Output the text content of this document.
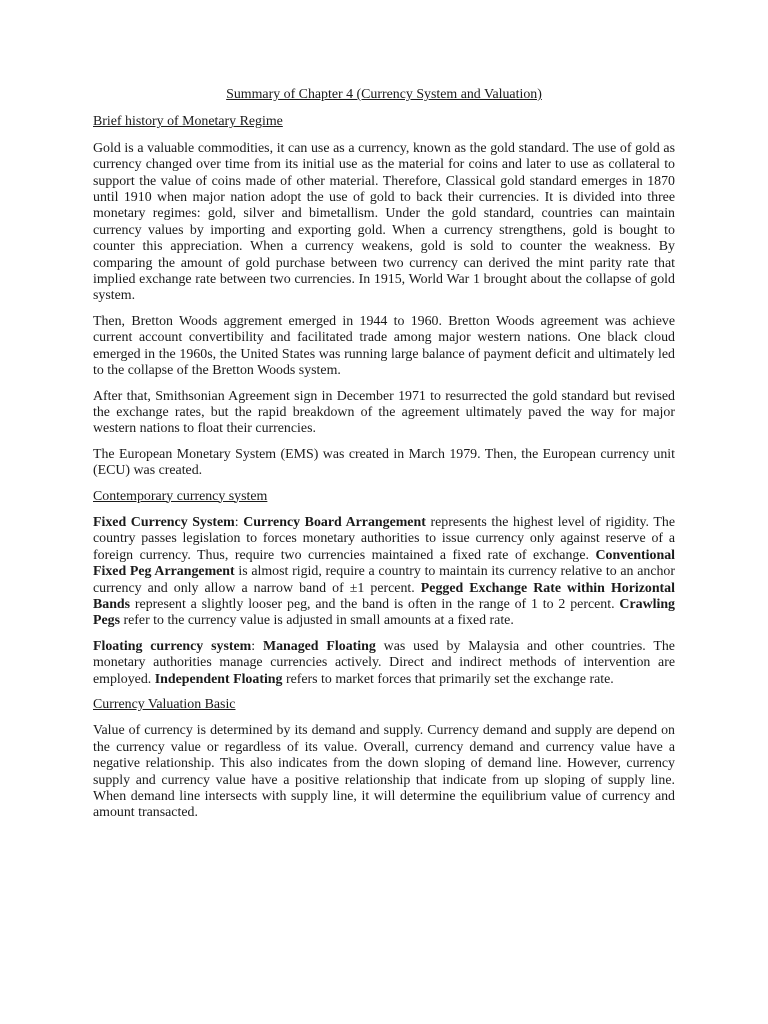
Summary of Chapter 4 (Currency System and Valuation)

Brief history of Monetary Regime

Gold is a valuable commodities, it can use as a currency, known as the gold standard. The use of gold as currency changed over time from its initial use as the material for coins and later to use as collateral to support the value of coins made of other material. Therefore, Classical gold standard emerges in 1870 until 1910 when major nation adopt the use of gold to back their currencies. It is divided into three monetary regimes: gold, silver and bimetallism. Under the gold standard, countries can maintain currency values by importing and exporting gold. When a currency strengthens, gold is bought to counter this appreciation. When a currency weakens, gold is sold to counter the weakness. By comparing the amount of gold purchase between two currency can derived the mint parity rate that implied exchange rate between two currencies. In 1915, World War 1 brought about the collapse of gold system.

Then, Bretton Woods aggrement emerged in 1944 to 1960. Bretton Woods agreement was achieve current account convertibility and facilitated trade among major western nations. One black cloud emerged in the 1960s, the United States was running large balance of payment deficit and ultimately led to the collapse of the Bretton Woods system.

After that, Smithsonian Agreement sign in December 1971 to resurrected the gold standard but revised the exchange rates, but the rapid breakdown of the agreement ultimately paved the way for major western nations to float their currencies.

The European Monetary System (EMS) was created in March 1979. Then, the European currency unit (ECU) was created.

Contemporary currency system

Fixed Currency System: Currency Board Arrangement represents the highest level of rigidity. The country passes legislation to forces monetary authorities to issue currency only against reserve of a foreign currency. Thus, require two currencies maintained a fixed rate of exchange. Conventional Fixed Peg Arrangement is almost rigid, require a country to maintain its currency relative to an anchor currency and only allow a narrow band of ±1 percent. Pegged Exchange Rate within Horizontal Bands represent a slightly looser peg, and the band is often in the range of 1 to 2 percent. Crawling Pegs refer to the currency value is adjusted in small amounts at a fixed rate.

Floating currency system: Managed Floating was used by Malaysia and other countries. The monetary authorities manage currencies actively. Direct and indirect methods of intervention are employed. Independent Floating refers to market forces that primarily set the exchange rate.

Currency Valuation Basic

Value of currency is determined by its demand and supply. Currency demand and supply are depend on the currency value or regardless of its value. Overall, currency demand and currency value have a negative relationship. This also indicates from the down sloping of demand line. However, currency supply and currency value have a positive relationship that indicate from up sloping of supply line. When demand line intersects with supply line, it will determine the equilibrium value of currency and amount transacted.
